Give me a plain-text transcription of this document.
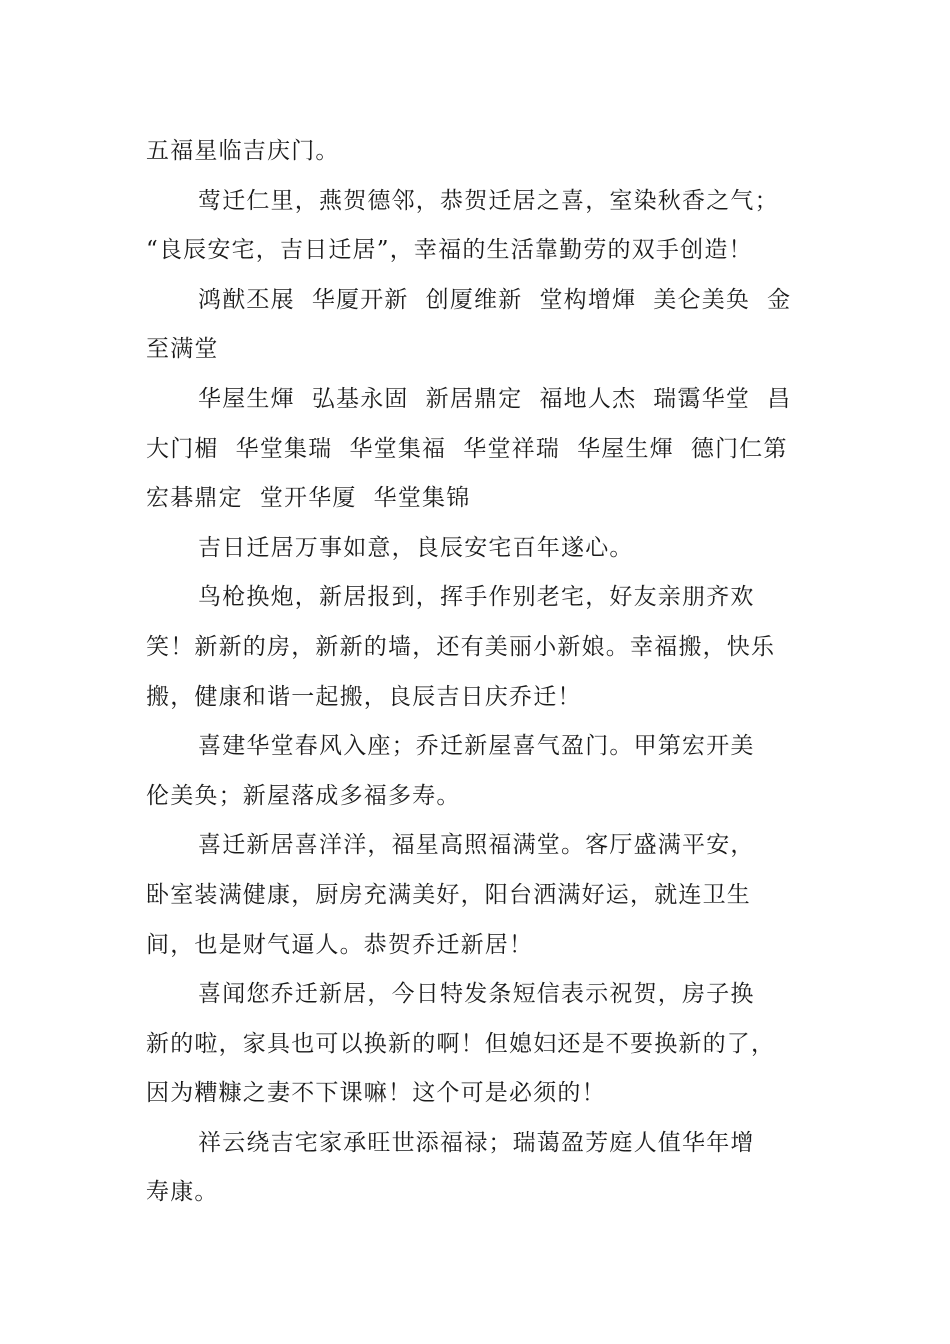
五福星临吉庆门。
莺迁仁里，燕贺德邻，恭贺迁居之喜，室染秋香之气；
“良辰安宅，吉日迁居”，幸福的生活靠勤劳的双手创造！
鸿猷丕展  华厦开新  创厦维新  堂构增煇  美仑美奂  金
至满堂
华屋生煇  弘基永固  新居鼎定  福地人杰  瑞霭华堂  昌
大门楣  华堂集瑞  华堂集福  华堂祥瑞  华屋生煇  德门仁第
宏碁鼎定  堂开华厦  华堂集锦
吉日迁居万事如意，良辰安宅百年遂心。
鸟枪换炮，新居报到，挥手作别老宅，好友亲朋齐欢
笑！新新的房，新新的墙，还有美丽小新娘。幸福搬，快乐
搬，健康和谐一起搬，良辰吉日庆乔迁！
喜建华堂春风入座；乔迁新屋喜气盈门。甲第宏开美
伦美奂；新屋落成多福多寿。
喜迁新居喜洋洋，福星高照福满堂。客厅盛满平安，
卧室装满健康，厨房充满美好，阳台洒满好运，就连卫生
间，也是财气逼人。恭贺乔迁新居！
喜闻您乔迁新居，今日特发条短信表示祝贺，房子换
新的啦，家具也可以换新的啊！但媳妇还是不要换新的了，
因为糟糠之妻不下课嘛！这个可是必须的！
祥云绕吉宅家承旺世添福禄；瑞蔼盈芳庭人值华年增
寿康。
